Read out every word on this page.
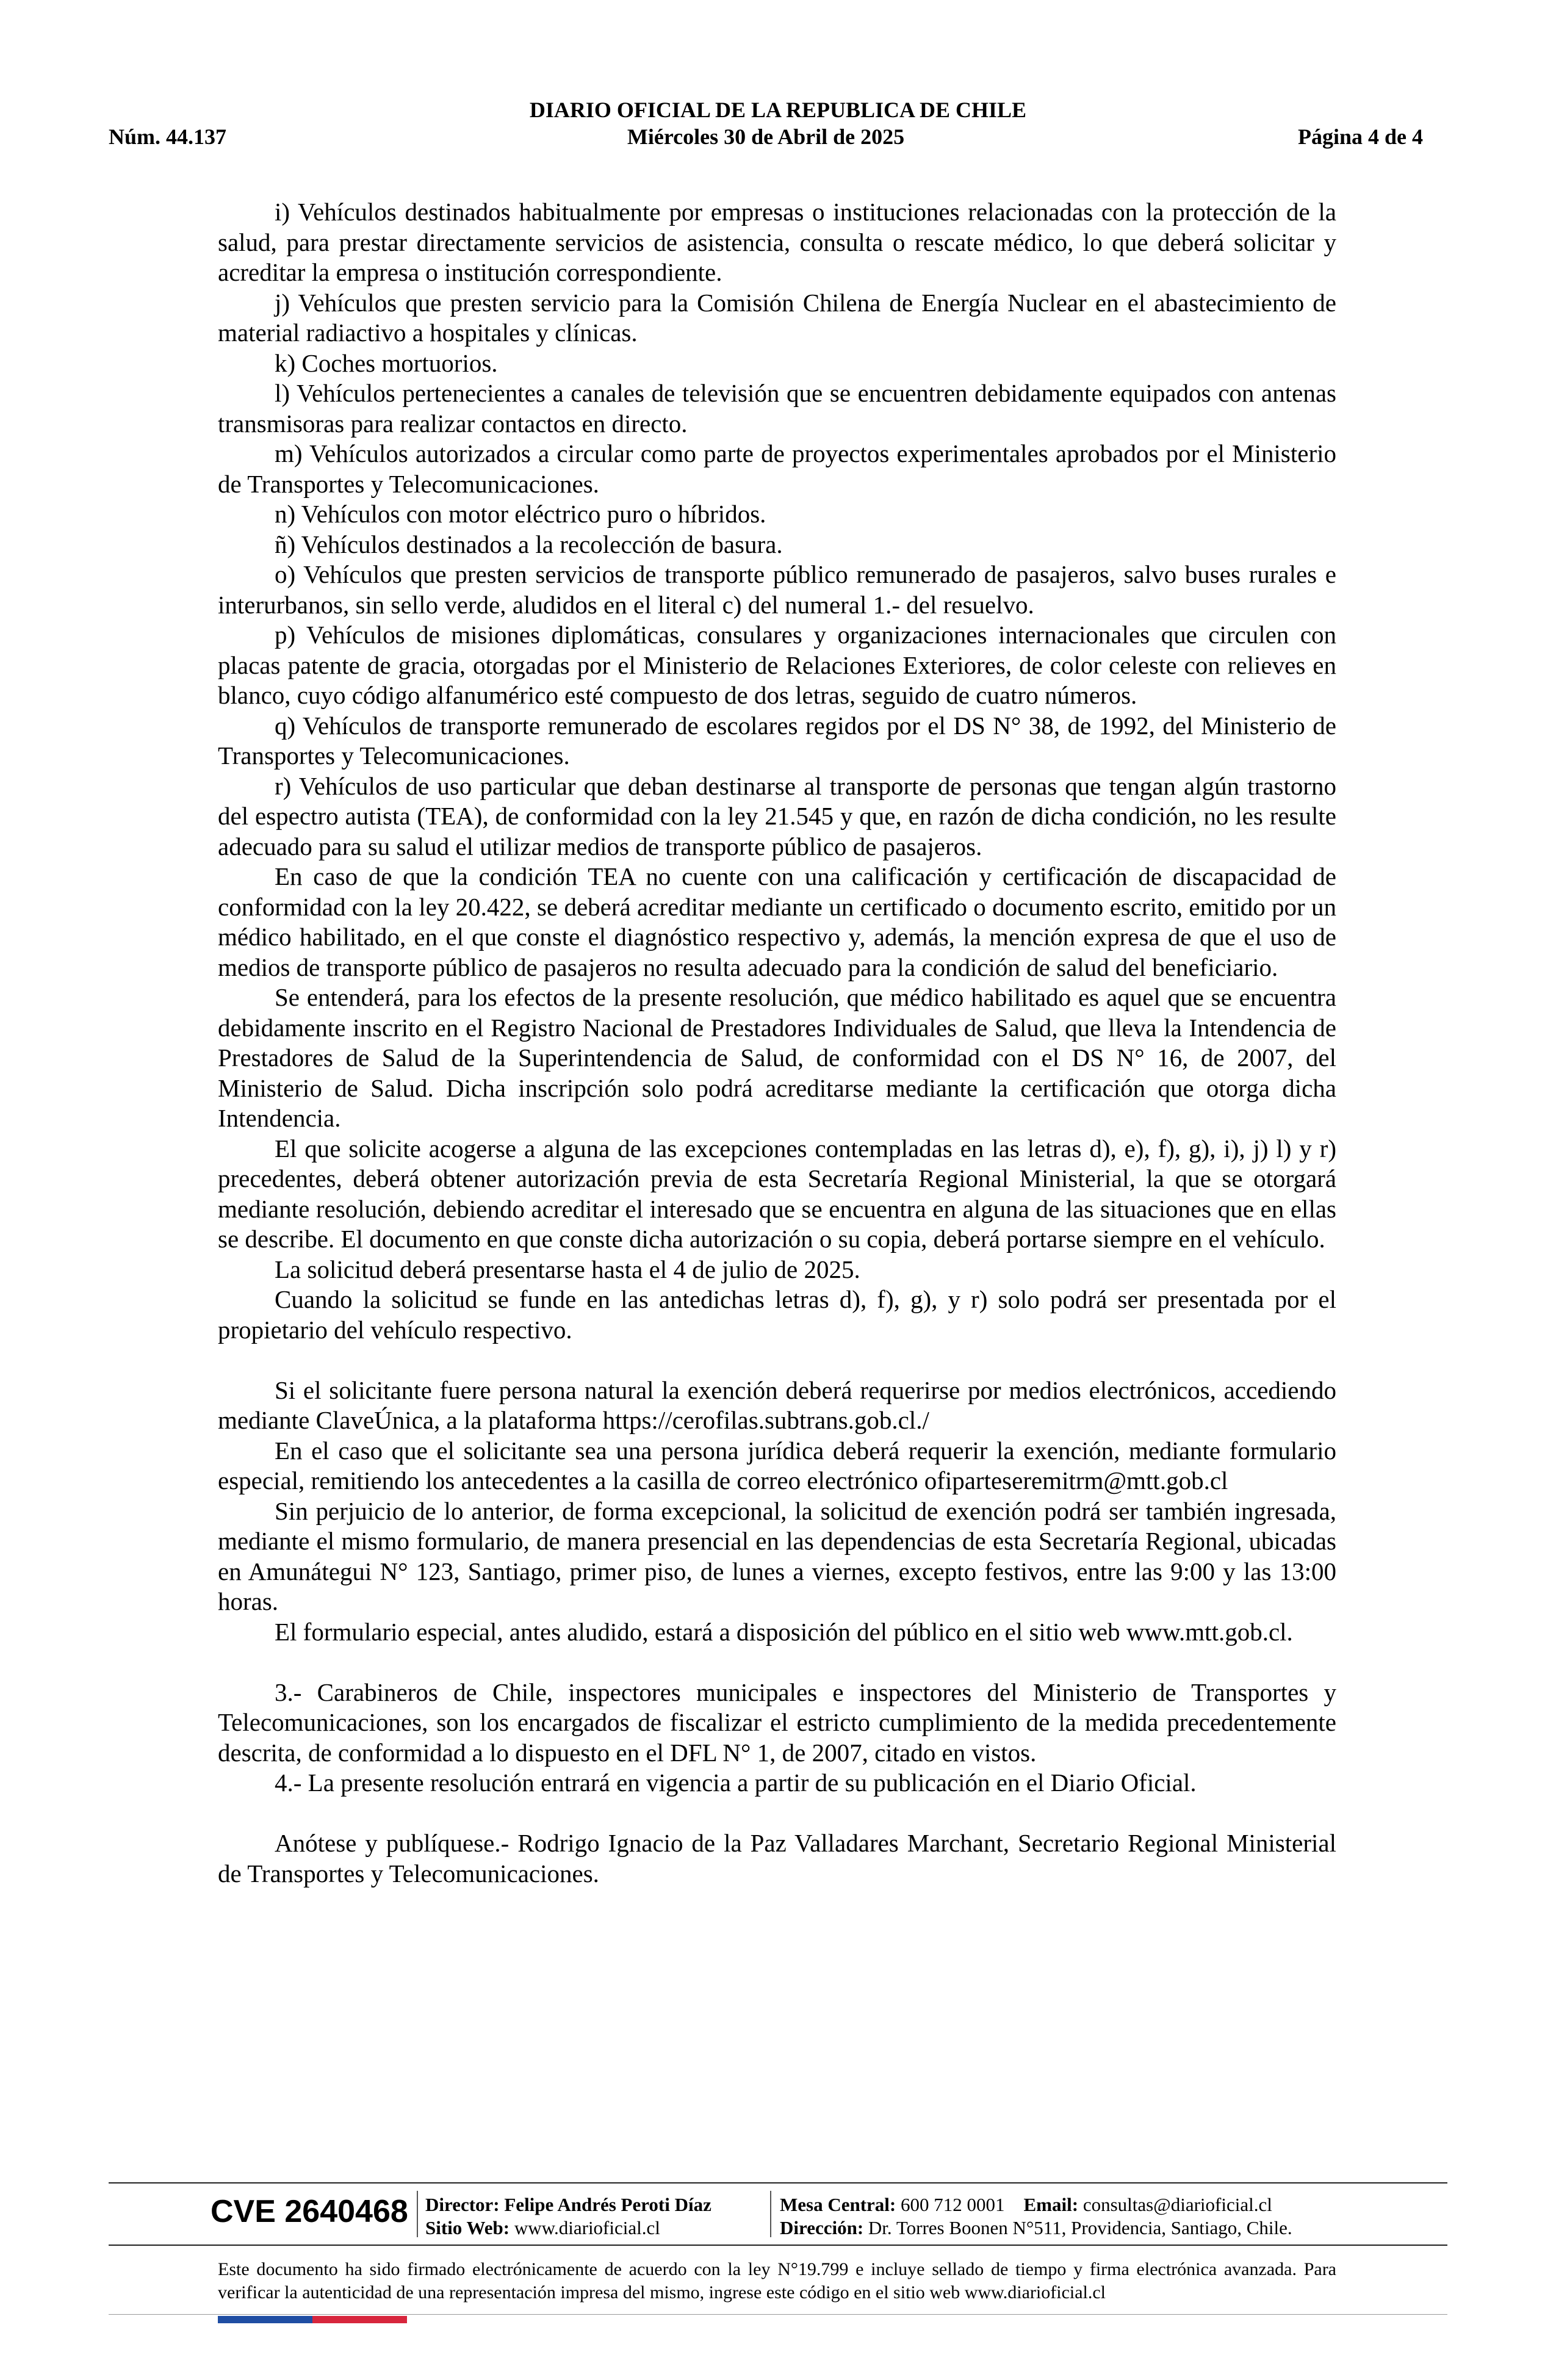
DIARIO OFICIAL DE LA REPUBLICA DE CHILE
Núm. 44.137	Miércoles 30 de Abril de 2025	Página 4 de 4

i) Vehículos destinados habitualmente por empresas o instituciones relacionadas con la protección de la salud, para prestar directamente servicios de asistencia, consulta o rescate médico, lo que deberá solicitar y acreditar la empresa o institución correspondiente.

j) Vehículos que presten servicio para la Comisión Chilena de Energía Nuclear en el abastecimiento de material radiactivo a hospitales y clínicas.

k) Coches mortuorios.

l) Vehículos pertenecientes a canales de televisión que se encuentren debidamente equipados con antenas transmisoras para realizar contactos en directo.

m) Vehículos autorizados a circular como parte de proyectos experimentales aprobados por el Ministerio de Transportes y Telecomunicaciones.

n) Vehículos con motor eléctrico puro o híbridos.

ñ) Vehículos destinados a la recolección de basura.

o) Vehículos que presten servicios de transporte público remunerado de pasajeros, salvo buses rurales e interurbanos, sin sello verde, aludidos en el literal c) del numeral 1.- del resuelvo.

p) Vehículos de misiones diplomáticas, consulares y organizaciones internacionales que circulen con placas patente de gracia, otorgadas por el Ministerio de Relaciones Exteriores, de color celeste con relieves en blanco, cuyo código alfanumérico esté compuesto de dos letras, seguido de cuatro números.

q) Vehículos de transporte remunerado de escolares regidos por el DS N° 38, de 1992, del Ministerio de Transportes y Telecomunicaciones.

r) Vehículos de uso particular que deban destinarse al transporte de personas que tengan algún trastorno del espectro autista (TEA), de conformidad con la ley 21.545 y que, en razón de dicha condición, no les resulte adecuado para su salud el utilizar medios de transporte público de pasajeros.

En caso de que la condición TEA no cuente con una calificación y certificación de discapacidad de conformidad con la ley 20.422, se deberá acreditar mediante un certificado o documento escrito, emitido por un médico habilitado, en el que conste el diagnóstico respectivo y, además, la mención expresa de que el uso de medios de transporte público de pasajeros no resulta adecuado para la condición de salud del beneficiario.

Se entenderá, para los efectos de la presente resolución, que médico habilitado es aquel que se encuentra debidamente inscrito en el Registro Nacional de Prestadores Individuales de Salud, que lleva la Intendencia de Prestadores de Salud de la Superintendencia de Salud, de conformidad con el DS N° 16, de 2007, del Ministerio de Salud. Dicha inscripción solo podrá acreditarse mediante la certificación que otorga dicha Intendencia.

El que solicite acogerse a alguna de las excepciones contempladas en las letras d), e), f), g), i), j) l) y r) precedentes, deberá obtener autorización previa de esta Secretaría Regional Ministerial, la que se otorgará mediante resolución, debiendo acreditar el interesado que se encuentra en alguna de las situaciones que en ellas se describe. El documento en que conste dicha autorización o su copia, deberá portarse siempre en el vehículo.

La solicitud deberá presentarse hasta el 4 de julio de 2025.

Cuando la solicitud se funde en las antedichas letras d), f), g), y r) solo podrá ser presentada por el propietario del vehículo respectivo.

Si el solicitante fuere persona natural la exención deberá requerirse por medios electrónicos, accediendo mediante ClaveÚnica, a la plataforma https://cerofilas.subtrans.gob.cl./

En el caso que el solicitante sea una persona jurídica deberá requerir la exención, mediante formulario especial, remitiendo los antecedentes a la casilla de correo electrónico ofiparteseremitrm@mtt.gob.cl

Sin perjuicio de lo anterior, de forma excepcional, la solicitud de exención podrá ser también ingresada, mediante el mismo formulario, de manera presencial en las dependencias de esta Secretaría Regional, ubicadas en Amunátegui N° 123, Santiago, primer piso, de lunes a viernes, excepto festivos, entre las 9:00 y las 13:00 horas.

El formulario especial, antes aludido, estará a disposición del público en el sitio web www.mtt.gob.cl.

3.- Carabineros de Chile, inspectores municipales e inspectores del Ministerio de Transportes y Telecomunicaciones, son los encargados de fiscalizar el estricto cumplimiento de la medida precedentemente descrita, de conformidad a lo dispuesto en el DFL N° 1, de 2007, citado en vistos.

4.- La presente resolución entrará en vigencia a partir de su publicación en el Diario Oficial.

Anótese y publíquese.- Rodrigo Ignacio de la Paz Valladares Marchant, Secretario Regional Ministerial de Transportes y Telecomunicaciones.

CVE 2640468 Director: Felipe Andrés Peroti Díaz
Sitio Web: www.diarioficial.cl
Mesa Central: 600 712 0001 Email: consultas@diarioficial.cl
Dirección: Dr. Torres Boonen N°511, Providencia, Santiago, Chile.
Este documento ha sido firmado electrónicamente de acuerdo con la ley N°19.799 e incluye sellado de tiempo y firma electrónica avanzada. Para verificar la autenticidad de una representación impresa del mismo, ingrese este código en el sitio web www.diarioficial.cl
